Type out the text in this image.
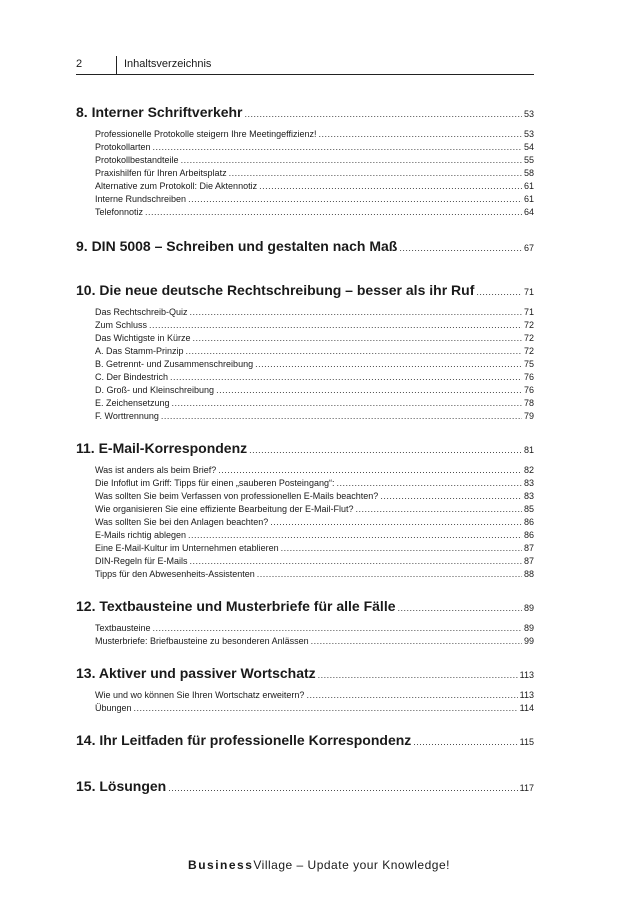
2	Inhaltsverzeichnis
8. Interner Schriftverkehr .....	53
Professionelle Protokolle steigern Ihre Meetingeffizienz! .....	53
Protokollarten .....	54
Protokollbestandteile .....	55
Praxishilfen für Ihren Arbeitsplatz .....	58
Alternative zum Protokoll: Die Aktennotiz .....	61
Interne Rundschreiben .....	61
Telefonnotiz .....	64
9. DIN 5008 – Schreiben und gestalten nach Maß .....	67
10. Die neue deutsche Rechtschreibung – besser als ihr Ruf .....	71
Das Rechtschreib-Quiz .....	71
Zum Schluss .....	72
Das Wichtigste in Kürze .....	72
A. Das Stamm-Prinzip .....	72
B. Getrennt- und Zusammenschreibung .....	75
C. Der Bindestrich .....	76
D. Groß- und Kleinschreibung .....	76
E. Zeichensetzung .....	78
F. Worttrennung .....	79
11. E-Mail-Korrespondenz .....	81
Was ist anders als beim Brief? .....	82
Die Infoflut im Griff: Tipps für einen „sauberen Posteingang“: .....	83
Was sollten Sie beim Verfassen von professionellen E-Mails beachten? .....	83
Wie organisieren Sie eine effiziente Bearbeitung der E-Mail-Flut? .....	85
Was sollten Sie bei den Anlagen beachten? .....	86
E-Mails richtig ablegen .....	86
Eine E-Mail-Kultur im Unternehmen etablieren .....	87
DIN-Regeln für E-Mails .....	87
Tipps für den Abwesenheits-Assistenten .....	88
12. Textbausteine und Musterbriefe für alle Fälle .....	89
Textbausteine .....	89
Musterbriefe: Briefbausteine zu besonderen Anlässen .....	99
13. Aktiver und passiver Wortschatz .....	113
Wie und wo können Sie Ihren Wortschatz erweitern? .....	113
Übungen .....	114
14. Ihr Leitfaden für professionelle Korrespondenz .....	115
15. Lösungen .....	117
BusinessVillage – Update your Knowledge!
